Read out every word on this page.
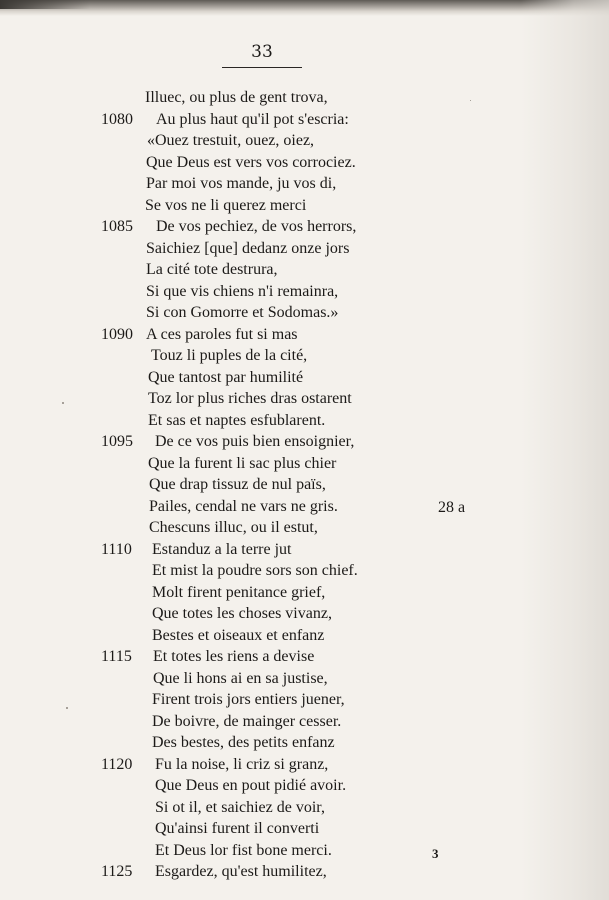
33
Illuec, ou plus de gent trova,
1080	Au plus haut qu'il pot s'escria:
«Ouez trestuit, ouez, oiez,
Que Deus est vers vos corrociez.
Par moi vos mande, ju vos di,
Se vos ne li querez merci
1085	De vos pechiez, de vos herrors,
Saichiez [que] dedanz onze jors
La cité tote destrura,
Si que vis chiens n'i remainra,
Si con Gomorre et Sodomas.»
1090 A ces paroles fut si mas
Touz li puples de la cité,
Que tantost par humilité
Toz lor plus riches dras ostarent
Et sas et naptes esfublarent.
1095	De ce vos puis bien ensoignier,
Que la furent li sac plus chier
Que drap tissuz de nul païs,
Pailes, cendal ne vars ne gris.
Chescuns illuc, ou il estut,
1110	Estanduz a la terre jut
Et mist la poudre sors son chief.
Molt firent penitance grief,
Que totes les choses vivanz,
Bestes et oiseaux et enfanz
1115	Et totes les riens a devise
Que li hons ai en sa justise,
Firent trois jors entiers juener,
De boivre, de mainger cesser.
Des bestes, des petits enfanz
1120	Fu la noise, li criz si granz,
Que Deus en pout pidié avoir.
Si ot il, et saichiez de voir,
Qu'ainsi furent il converti
Et Deus lor fist bone merci.
1125	Esgardez, qu'est humilitez,
28 a
3
